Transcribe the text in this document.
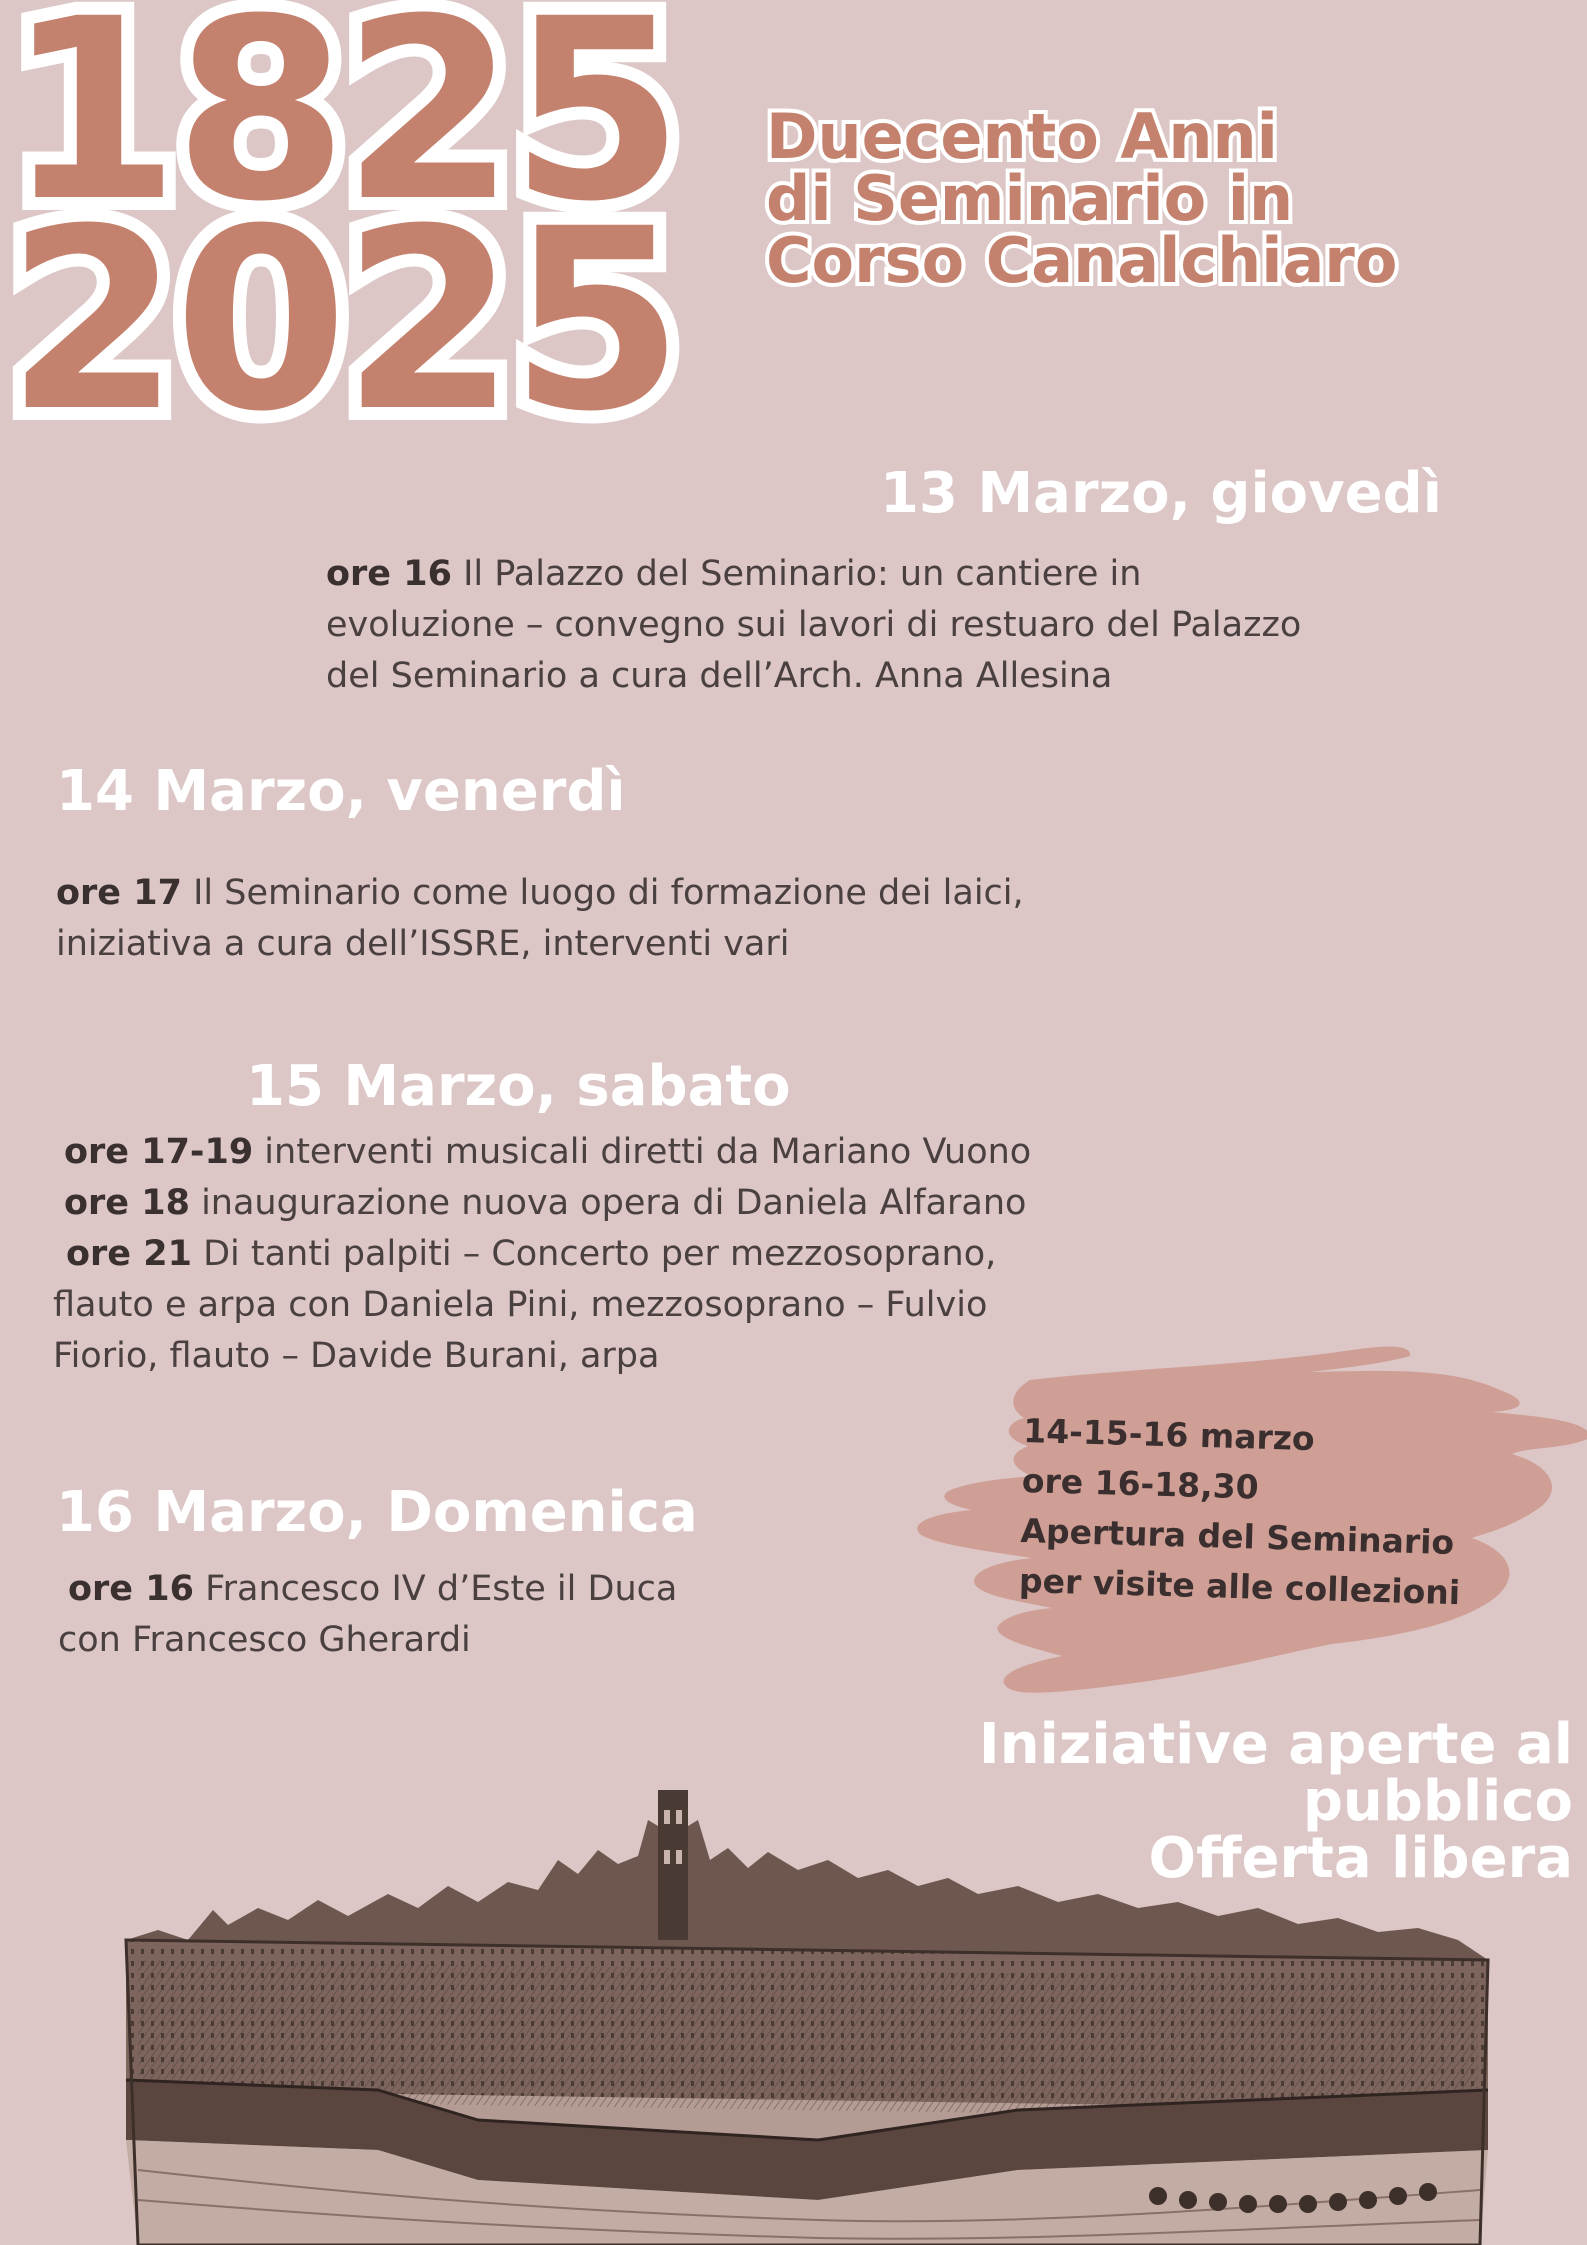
1825
2025
Duecento Anni
di Seminario in
Corso Canalchiaro
13 Marzo, giovedì

ore 16 Il Palazzo del Seminario: un cantiere in
evoluzione – convegno sui lavori di restuaro del Palazzo
del Seminario a cura dell’Arch. Anna Allesina

14 Marzo, venerdì

ore 17 Il Seminario come luogo di formazione dei laici,
iniziativa a cura dell’ISSRE, interventi vari

15 Marzo, sabato

ore 17-19 interventi musicali diretti da Mariano Vuono
ore 18 inaugurazione nuova opera di Daniela Alfarano
ore 21 Di tanti palpiti – Concerto per mezzosoprano,
flauto e arpa con Daniela Pini, mezzosoprano – Fulvio
Fiorio, flauto – Davide Burani, arpa

16 Marzo, Domenica

ore 16 Francesco IV d’Este il Duca
con Francesco Gherardi

14-15-16 marzo
ore 16-18,30
Apertura del Seminario
per visite alle collezioni

Iniziative aperte al
pubblico
Offerta libera
